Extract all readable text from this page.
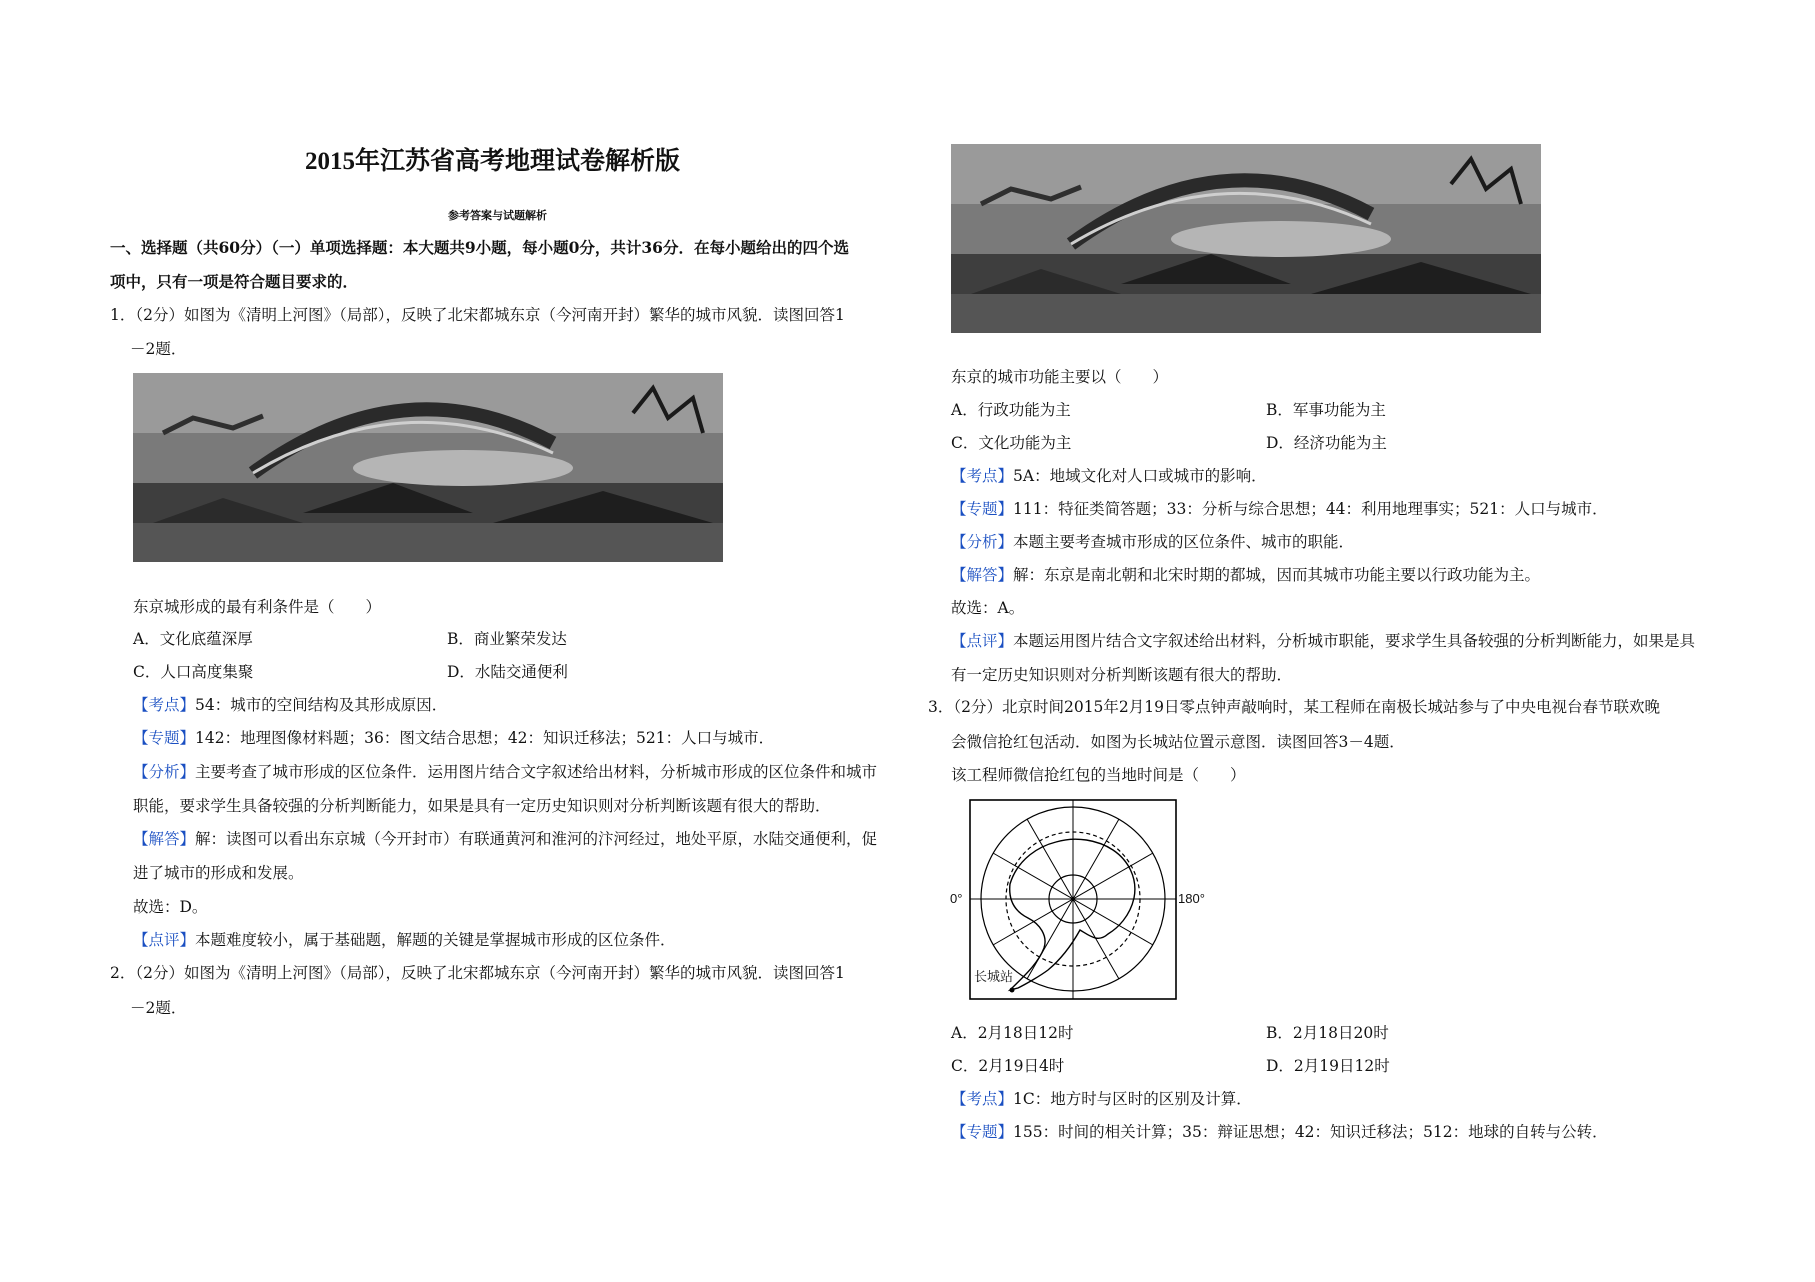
2015年江苏省高考地理试卷解析版
参考答案与试题解析
一、选择题（共60分）（一）单项选择题：本大题共9小题，每小题0分，共计36分．在每小题给出的四个选
项中，只有一项是符合题目要求的．
1．（2分）如图为《清明上河图》（局部），反映了北宋都城东京（今河南开封）繁华的城市风貌．读图回答1
－2题．
东京城形成的最有利条件是（　　）
A．文化底蕴深厚	B．商业繁荣发达
C．人口高度集聚	D．水陆交通便利
【考点】54：城市的空间结构及其形成原因．
【专题】142：地理图像材料题；36：图文结合思想；42：知识迁移法；521：人口与城市．
【分析】主要考查了城市形成的区位条件．运用图片结合文字叙述给出材料，分析城市形成的区位条件和城市
职能，要求学生具备较强的分析判断能力，如果是具有一定历史知识则对分析判断该题有很大的帮助．
【解答】解：读图可以看出东京城（今开封市）有联通黄河和淮河的汴河经过，地处平原，水陆交通便利，促
进了城市的形成和发展。
故选：D。
【点评】本题难度较小，属于基础题，解题的关键是掌握城市形成的区位条件．
2．（2分）如图为《清明上河图》（局部），反映了北宋都城东京（今河南开封）繁华的城市风貌．读图回答1
－2题．
东京的城市功能主要以（　　）
A．行政功能为主	B．军事功能为主
C．文化功能为主	D．经济功能为主
【考点】5A：地域文化对人口或城市的影响．
【专题】111：特征类简答题；33：分析与综合思想；44：利用地理事实；521：人口与城市．
【分析】本题主要考查城市形成的区位条件、城市的职能．
【解答】解：东京是南北朝和北宋时期的都城，因而其城市功能主要以行政功能为主。
故选：A。
【点评】本题运用图片结合文字叙述给出材料，分析城市职能，要求学生具备较强的分析判断能力，如果是具
有一定历史知识则对分析判断该题有很大的帮助．
3．（2分）北京时间2015年2月19日零点钟声敲响时，某工程师在南极长城站参与了中央电视台春节联欢晚
会微信抢红包活动．如图为长城站位置示意图．读图回答3－4题．
该工程师微信抢红包的当地时间是（　　）
0°	180°
长城站
A．2月18日12时	B．2月18日20时
C．2月19日4时	D．2月19日12时
【考点】1C：地方时与区时的区别及计算．
【专题】155：时间的相关计算；35：辩证思想；42：知识迁移法；512：地球的自转与公转．
